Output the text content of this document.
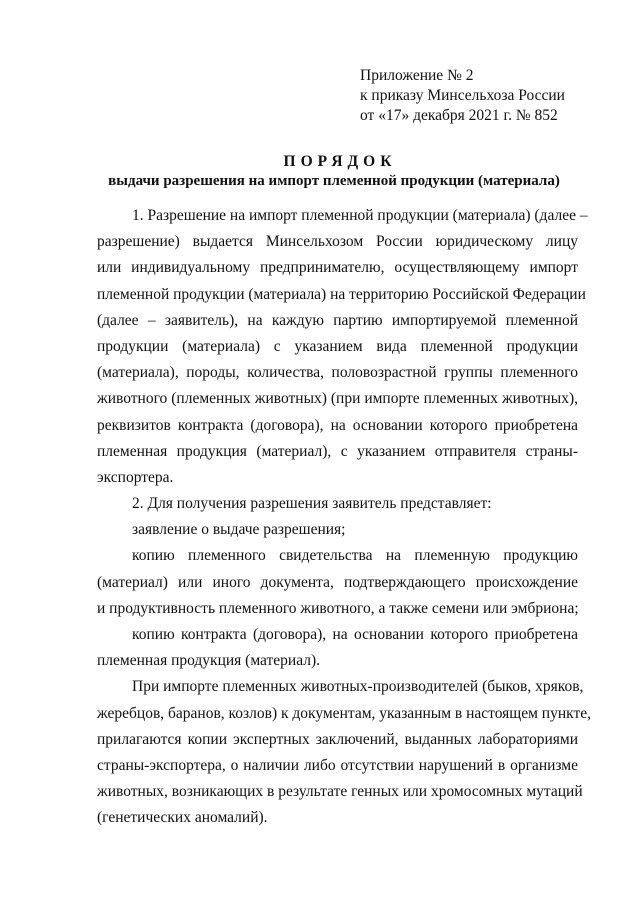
Приложение № 2
к приказу Минсельхоза России
от «17» декабря 2021 г. № 852
ПОРЯДОК
выдачи разрешения на импорт племенной продукции (материала)
1. Разрешение на импорт племенной продукции (материала) (далее –
разрешение) выдается Минсельхозом России юридическому лицу
или индивидуальному предпринимателю, осуществляющему импорт
племенной продукции (материала) на территорию Российской Федерации
(далее – заявитель), на каждую партию импортируемой племенной
продукции (материала) с указанием вида племенной продукции
(материала), породы, количества, половозрастной группы племенного
животного (племенных животных) (при импорте племенных животных),
реквизитов контракта (договора), на основании которого приобретена
племенная продукция (материал), с указанием отправителя страны-
экспортера.
2. Для получения разрешения заявитель представляет:
заявление о выдаче разрешения;
копию племенного свидетельства на племенную продукцию
(материал) или иного документа, подтверждающего происхождение
и продуктивность племенного животного, а также семени или эмбриона;
копию контракта (договора), на основании которого приобретена
племенная продукция (материал).
При импорте племенных животных-производителей (быков, хряков,
жеребцов, баранов, козлов) к документам, указанным в настоящем пункте,
прилагаются копии экспертных заключений, выданных лабораториями
страны-экспортера, о наличии либо отсутствии нарушений в организме
животных, возникающих в результате генных или хромосомных мутаций
(генетических аномалий).
